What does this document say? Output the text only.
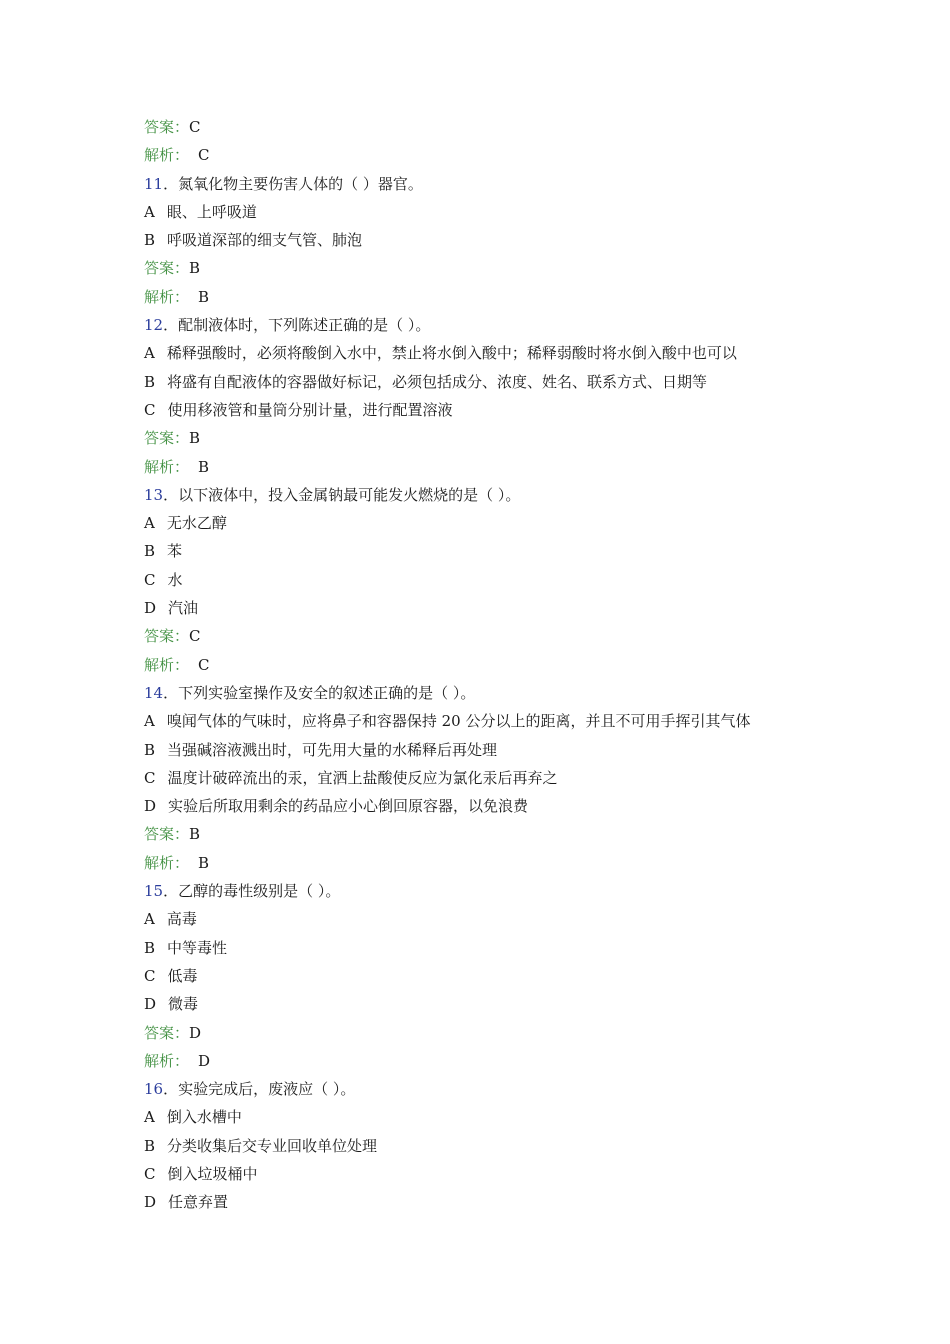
答案：C
解析： C
11．氮氧化物主要伤害人体的（ ）器官。
A 眼、上呼吸道
B 呼吸道深部的细支气管、肺泡
答案：B
解析： B
12．配制液体时，下列陈述正确的是（ ）。
A 稀释强酸时，必须将酸倒入水中，禁止将水倒入酸中；稀释弱酸时将水倒入酸中也可以
B 将盛有自配液体的容器做好标记，必须包括成分、浓度、姓名、联系方式、日期等
C 使用移液管和量筒分别计量，进行配置溶液
答案：B
解析： B
13．以下液体中，投入金属钠最可能发火燃烧的是（ ）。
A 无水乙醇
B 苯
C 水
D 汽油
答案：C
解析： C
14．下列实验室操作及安全的叙述正确的是（ ）。
A 嗅闻气体的气味时，应将鼻子和容器保持 20 公分以上的距离，并且不可用手挥引其气体
B 当强碱溶液溅出时，可先用大量的水稀释后再处理
C 温度计破碎流出的汞，宜洒上盐酸使反应为氯化汞后再弃之
D 实验后所取用剩余的药品应小心倒回原容器，以免浪费
答案：B
解析： B
15．乙醇的毒性级别是（ ）。
A 高毒
B 中等毒性
C 低毒
D 微毒
答案：D
解析： D
16．实验完成后，废液应（ ）。
A 倒入水槽中
B 分类收集后交专业回收单位处理
C 倒入垃圾桶中
D 任意弃置
